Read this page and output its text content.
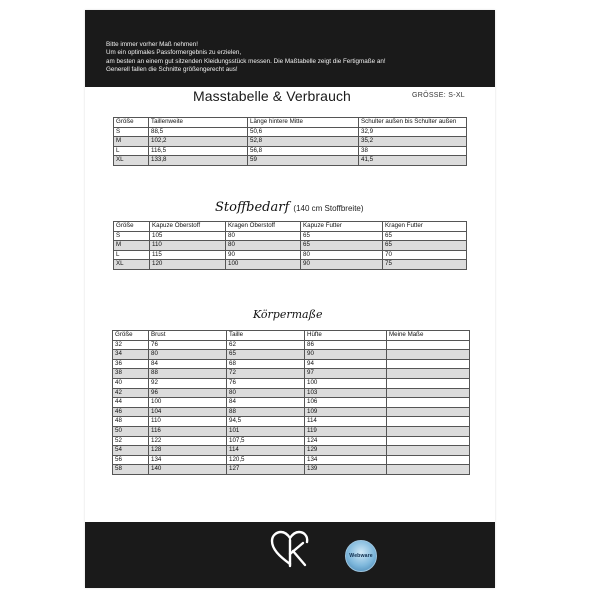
Bitte immer vorher Maß nehmen!
Um ein optimales Passformergebnis zu erzielen,
am besten an einem gut sitzenden Kleidungsstück messen. Die Maßtabelle zeigt die Fertigmaße an!
Generell fallen die Schnitte größengerecht aus!
Masstabelle & Verbrauch	GRÖSSE: S-XL
Größe	Taillenweite	Länge hintere Mitte	Schulter außen bis Schulter außen
S	88,5	50,6	32,9
M	102,2	52,8	35,2
L	116,5	56,8	38
XL	133,8	59	41,5
Stoffbedarf (140 cm Stoffbreite)
Größe	Kapuze Oberstoff	Kragen Oberstoff	Kapuze Futter	Kragen Futter
S	105	80	65	65
M	110	80	65	65
L	115	90	80	70
XL	120	100	90	75
Körpermaße
Größe	Brust	Taille	Hüfte	Meine Maße
32	76	62	86	
34	80	65	90	
36	84	68	94	
38	88	72	97	
40	92	76	100	
42	96	80	103	
44	100	84	106	
46	104	88	109	
48	110	94,5	114	
50	116	101	119	
52	122	107,5	124	
54	128	114	129	
56	134	120,5	134	
58	140	127	139	
Webware
